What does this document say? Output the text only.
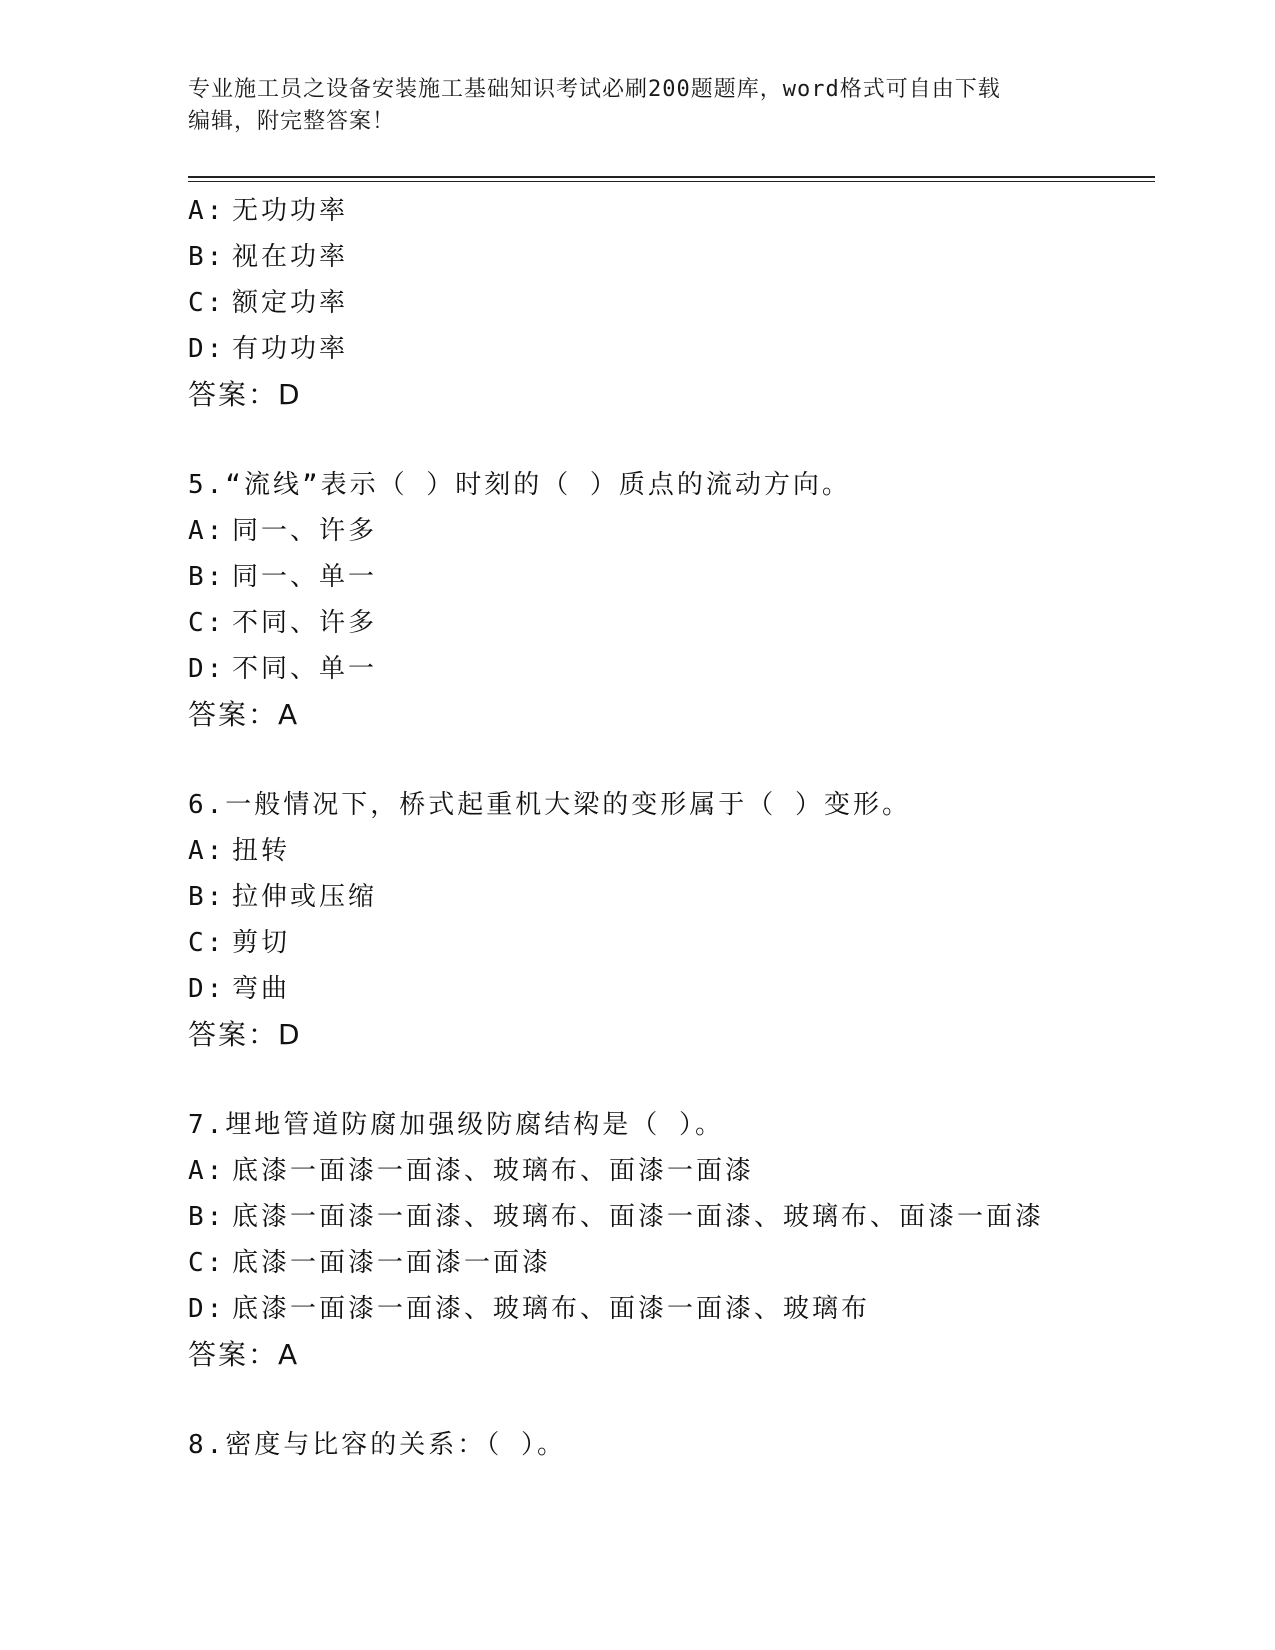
专业施工员之设备安装施工基础知识考试必刷200题题库，word格式可自由下载
编辑，附完整答案！
A: 无功功率
B: 视在功率
C: 额定功率
D: 有功功率
答案：D
5.“流线”表示（ ）时刻的（ ）质点的流动方向。
A: 同一、许多
B: 同一、单一
C: 不同、许多
D: 不同、单一
答案：A
6.一般情况下，桥式起重机大梁的变形属于（ ）变形。
A: 扭转
B: 拉伸或压缩
C: 剪切
D: 弯曲
答案：D
7.埋地管道防腐加强级防腐结构是（ ）。
A: 底漆一面漆一面漆、玻璃布、面漆一面漆
B: 底漆一面漆一面漆、玻璃布、面漆一面漆、玻璃布、面漆一面漆
C: 底漆一面漆一面漆一面漆
D: 底漆一面漆一面漆、玻璃布、面漆一面漆、玻璃布
答案：A
8.密度与比容的关系：（ ）。
